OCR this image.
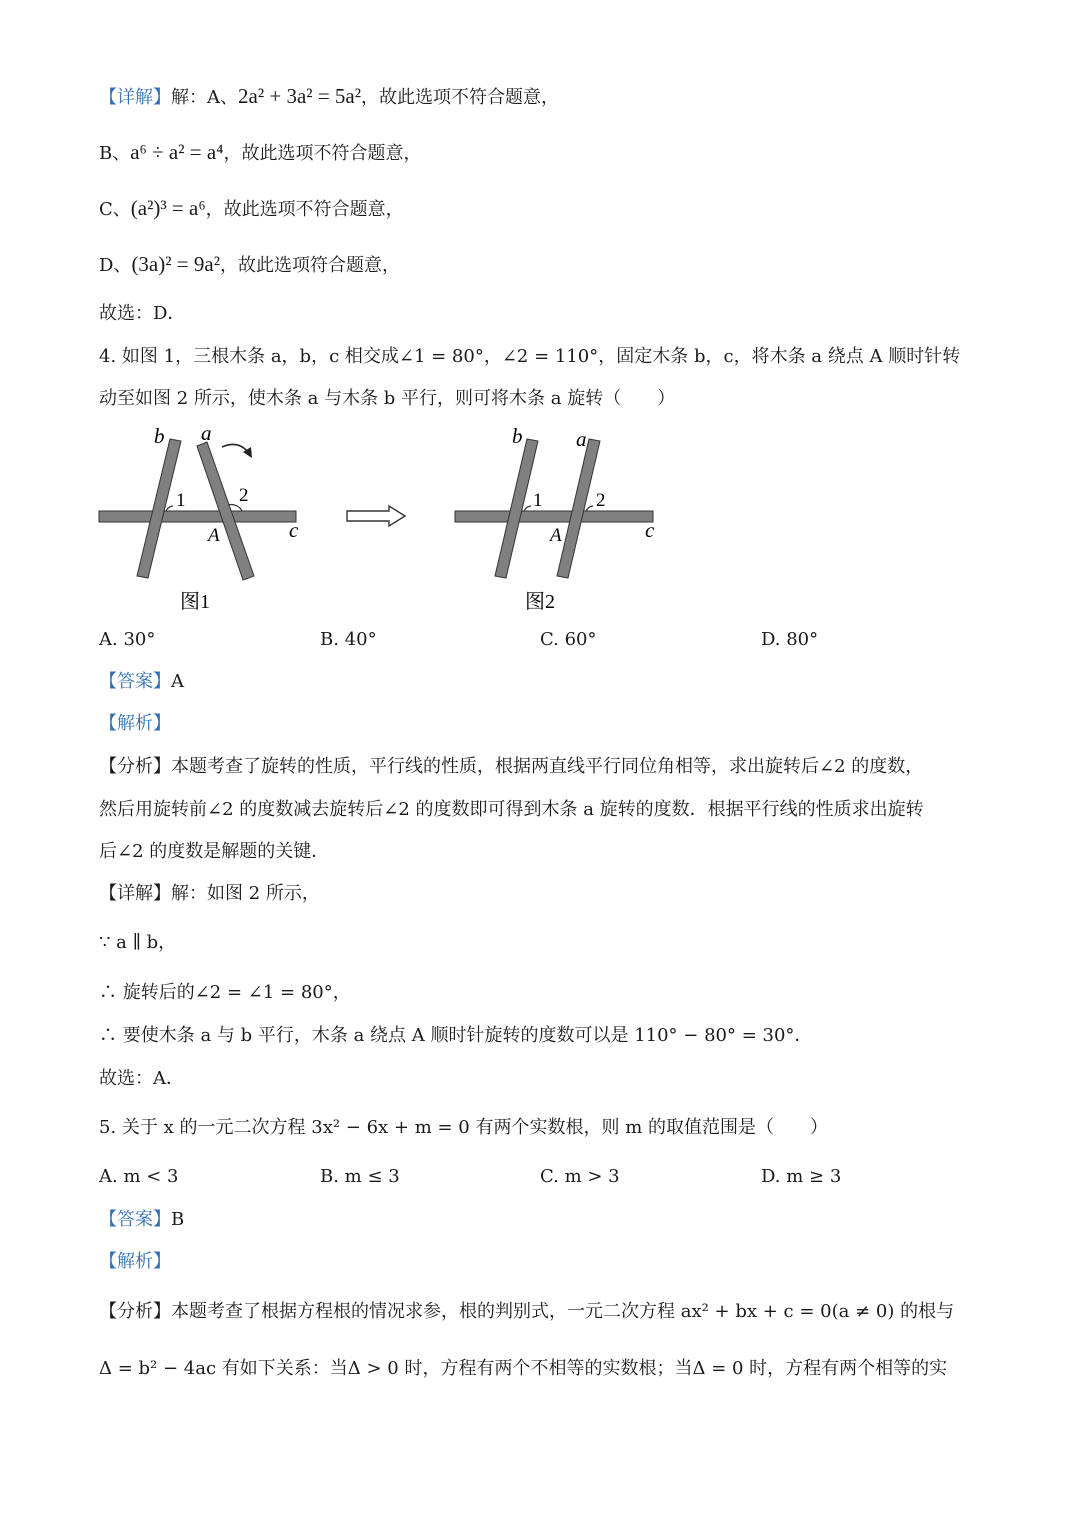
【详解】解：A、2a² + 3a² = 5a²，故此选项不符合题意，
B、a⁶ ÷ a² = a⁴，故此选项不符合题意，
C、(a²)³ = a⁶，故此选项不符合题意，
D、(3a)² = 9a²，故此选项符合题意，
故选：D．
4. 如图 1，三根木条 a，b，c 相交成∠1 = 80°，∠2 = 110°，固定木条 b，c，将木条 a 绕点 A 顺时针转
动至如图 2 所示，使木条 a 与木条 b 平行，则可将木条 a 旋转（　　）
b a
1	2
A	c
图1
b	a
1	2
A	c
图2
A. 30°	B. 40°	C. 60°	D. 80°
【答案】A
【解析】
【分析】本题考查了旋转的性质，平行线的性质，根据两直线平行同位角相等，求出旋转后∠2 的度数，
然后用旋转前∠2 的度数减去旋转后∠2 的度数即可得到木条 a 旋转的度数．根据平行线的性质求出旋转
后∠2 的度数是解题的关键．
【详解】解：如图 2 所示，
∵ a ∥ b，
∴ 旋转后的∠2 = ∠1 = 80°，
∴ 要使木条 a 与 b 平行，木条 a 绕点 A 顺时针旋转的度数可以是 110° − 80° = 30°．
故选：A．
5. 关于 x 的一元二次方程 3x² − 6x + m = 0 有两个实数根，则 m 的取值范围是（　　）
A. m < 3	B. m ≤ 3	C. m > 3	D. m ≥ 3
【答案】B
【解析】
【分析】本题考查了根据方程根的情况求参，根的判别式，一元二次方程 ax² + bx + c = 0(a ≠ 0) 的根与
Δ = b² − 4ac 有如下关系：当Δ > 0 时，方程有两个不相等的实数根；当Δ = 0 时，方程有两个相等的实
